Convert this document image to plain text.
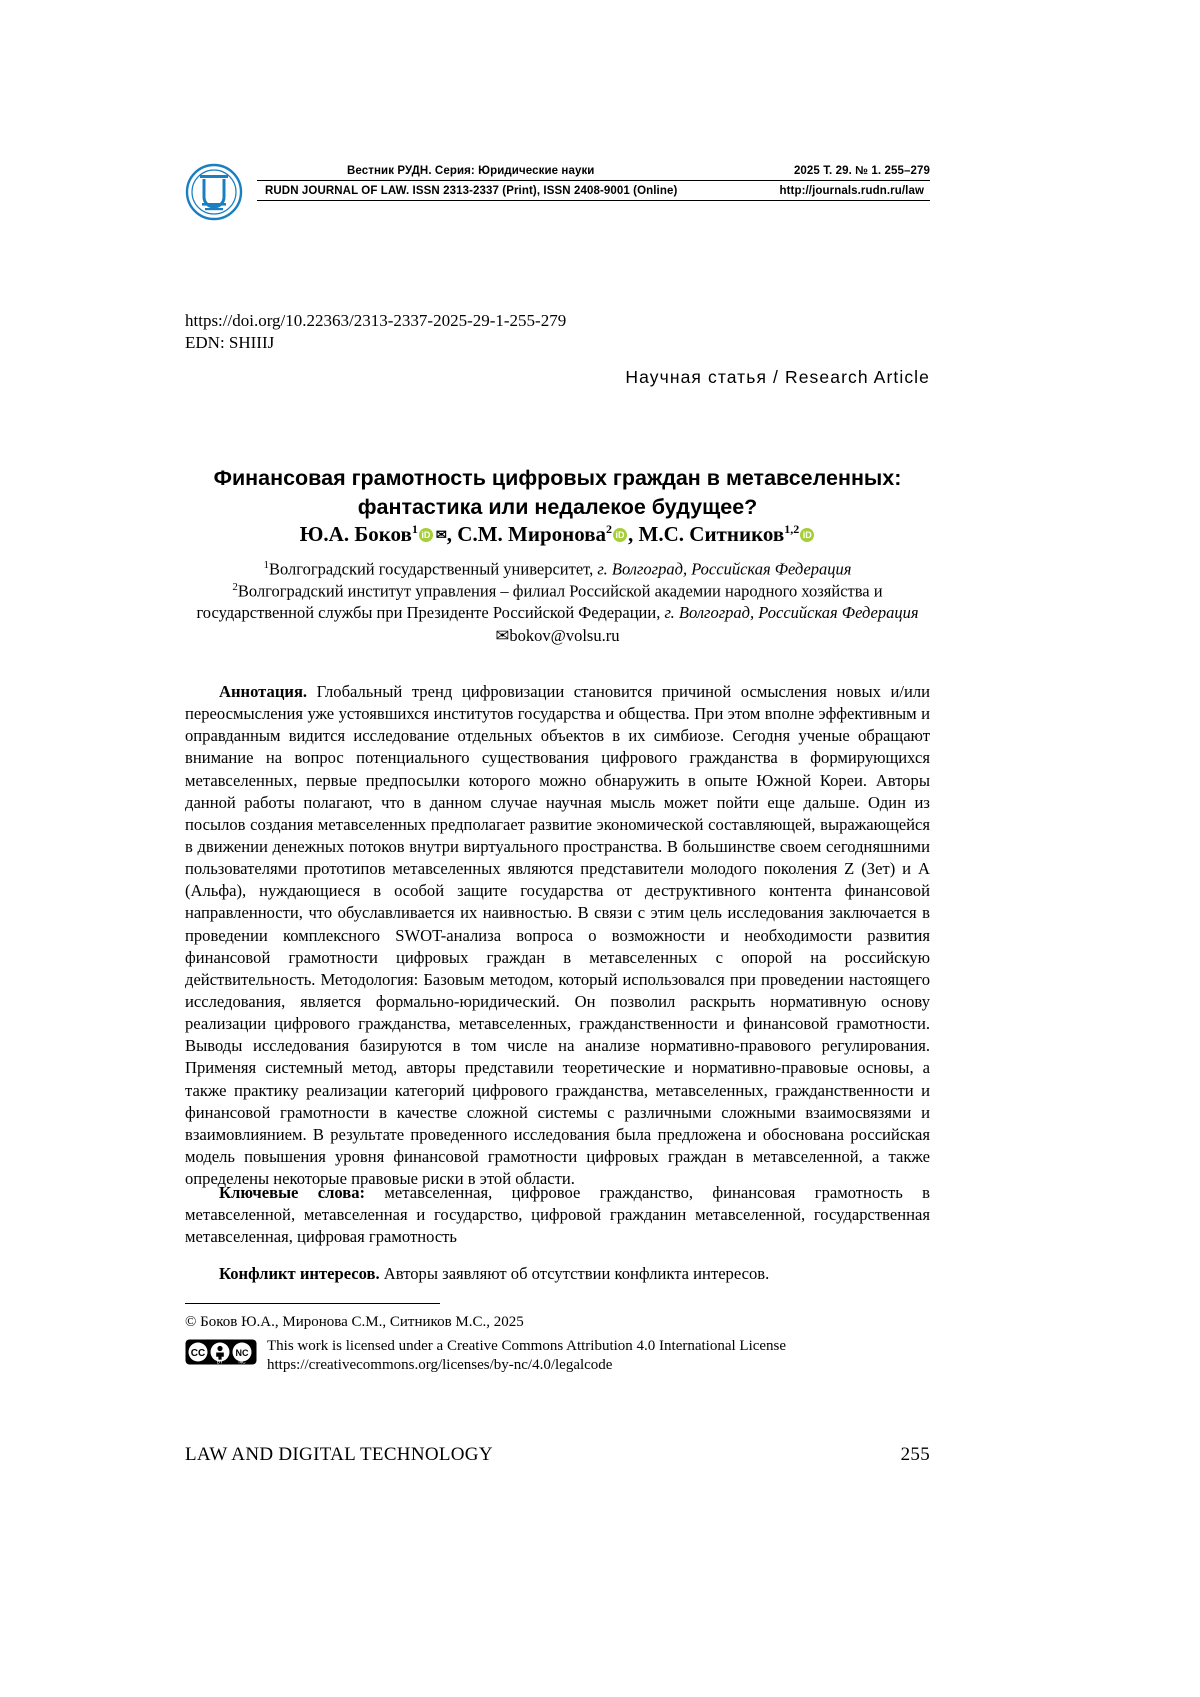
Вестник РУДН. Серия: Юридические науки	2025 Т. 29. № 1. 255–279
RUDN JOURNAL OF LAW. ISSN 2313-2337 (Print), ISSN 2408-9001 (Online)	http://journals.rudn.ru/law
https://doi.org/10.22363/2313-2337-2025-29-1-255-279
EDN: SHIIIJ
Научная статья / Research Article
Финансовая грамотность цифровых граждан в метавселенных: фантастика или недалекое будущее?
Ю.А. Боков$^1$ iD ✉, С.М. Миронова$^2$ iD , М.С. Ситников$^{1,2}$ iD
$^1$Волгоградский государственный университет, г. Волгоград, Российская Федерация
$^2$Волгоградский институт управления – филиал Российской академии народного хозяйства и государственной службы при Президенте Российской Федерации, г. Волгоград, Российская Федерация
✉bokov@volsu.ru

Аннотация. Глобальный тренд цифровизации становится причиной осмысления новых и/или переосмысления уже устоявшихся институтов государства и общества. При этом вполне эффективным и оправданным видится исследование отдельных объектов в их симбиозе. Сегодня ученые обращают внимание на вопрос потенциального существования цифрового гражданства в формирующихся метавселенных, первые предпосылки которого можно обнаружить в опыте Южной Кореи. Авторы данной работы полагают, что в данном случае научная мысль может пойти еще дальше. Один из посылов создания метавселенных предполагает развитие экономической составляющей, выражающейся в движении денежных потоков внутри виртуального пространства. В большинстве своем сегодняшними пользователями прототипов метавселенных являются представители молодого поколения Z (Зет) и A (Альфа), нуждающиеся в особой защите государства от деструктивного контента финансовой направленности, что обуславливается их наивностью. В связи с этим цель исследования заключается в проведении комплексного SWOT-анализа вопроса о возможности и необходимости развития финансовой грамотности цифровых граждан в метавселенных с опорой на российскую действительность. Методология: Базовым методом, который использовался при проведении настоящего исследования, является формально-юридический. Он позволил раскрыть нормативную основу реализации цифрового гражданства, метавселенных, гражданственности и финансовой грамотности. Выводы исследования базируются в том числе на анализе нормативно-правового регулирования. Применяя системный метод, авторы представили теоретические и нормативно-правовые основы, а также практику реализации категорий цифрового гражданства, метавселенных, гражданственности и финансовой грамотности в качестве сложной системы с различными сложными взаимосвязями и взаимовлиянием. В результате проведенного исследования была предложена и обоснована российская модель повышения уровня финансовой грамотности цифровых граждан в метавселенной, а также определены некоторые правовые риски в этой области.

Ключевые слова: метавселенная, цифровое гражданство, финансовая грамотность в метавселенной, метавселенная и государство, цифровой гражданин метавселенной, государственная метавселенная, цифровая грамотность

Конфликт интересов. Авторы заявляют об отсутствии конфликта интересов.

© Боков Ю.А., Миронова С.М., Ситников М.С., 2025
CC	NC
BY	NC
This work is licensed under a Creative Commons Attribution 4.0 International License
https://creativecommons.org/licenses/by-nc/4.0/legalcode
LAW AND DIGITAL TECHNOLOGY	255
